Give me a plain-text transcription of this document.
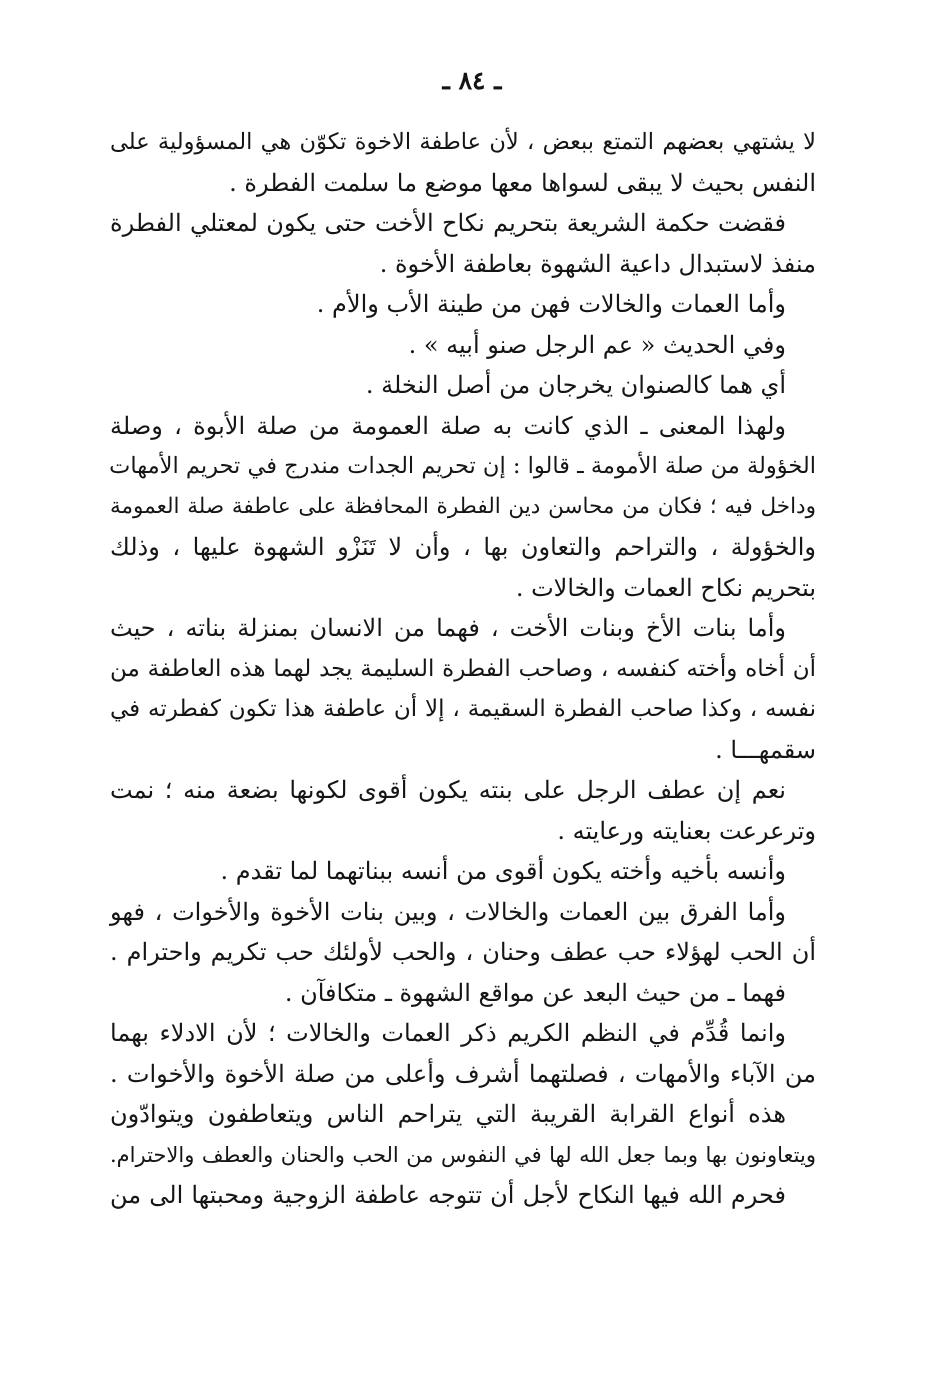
ـ ٨٤ ـ
لا يشتهي بعضهم التمتع ببعض ، لأن عاطفة الاخوة تكوّن هي المسؤولية على
النفس بحيث لا يبقى لسواها معها موضع ما سلمت الفطرة .
فقضت حكمة الشريعة بتحريم نكاح الأخت حتى يكون لمعتلي الفطرة
منفذ لاستبدال داعية الشهوة بعاطفة الأخوة .
وأما العمات والخالات فهن من طينة الأب والأم .
وفي الحديث « عم الرجل صنو أبيه » .
أي هما كالصنوان يخرجان من أصل النخلة .
ولهذا المعنى ـ الذي كانت به صلة العمومة من صلة الأبوة ، وصلة
الخؤولة من صلة الأمومة ـ قالوا : إن تحريم الجدات مندرج في تحريم الأمهات
وداخل فيه ؛ فكان من محاسن دين الفطرة المحافظة على عاطفة صلة العمومة
والخؤولة ، والتراحم والتعاون بها ، وأن لا تَنَزْو الشهوة عليها ، وذلك
بتحريم نكاح العمات والخالات .
وأما بنات الأخ وبنات الأخت ، فهما من الانسان بمنزلة بناته ، حيث
أن أخاه وأخته كنفسه ، وصاحب الفطرة السليمة يجد لهما هذه العاطفة من
نفسه ، وكذا صاحب الفطرة السقيمة ، إلا أن عاطفة هذا تكون كفطرته في
سقمهـــا .
نعم إن عطف الرجل على بنته يكون أقوى لكونها بضعة منه ؛ نمت
وترعرعت بعنايته ورعايته .
وأنسه بأخيه وأخته يكون أقوى من أنسه ببناتهما لما تقدم .
وأما الفرق بين العمات والخالات ، وبين بنات الأخوة والأخوات ، فهو
أن الحب لهؤلاء حب عطف وحنان ، والحب لأولئك حب تكريم واحترام .
فهما ـ من حيث البعد عن مواقع الشهوة ـ متكافآن .
وانما قُدِّم في النظم الكريم ذكر العمات والخالات ؛ لأن الادلاء بهما
من الآباء والأمهات ، فصلتهما أشرف وأعلى من صلة الأخوة والأخوات .
هذه أنواع القرابة القريبة التي يتراحم الناس ويتعاطفون ويتوادّون
ويتعاونون بها وبما جعل الله لها في النفوس من الحب والحنان والعطف والاحترام.
فحرم الله فيها النكاح لأجل أن تتوجه عاطفة الزوجية ومحبتها الى من
